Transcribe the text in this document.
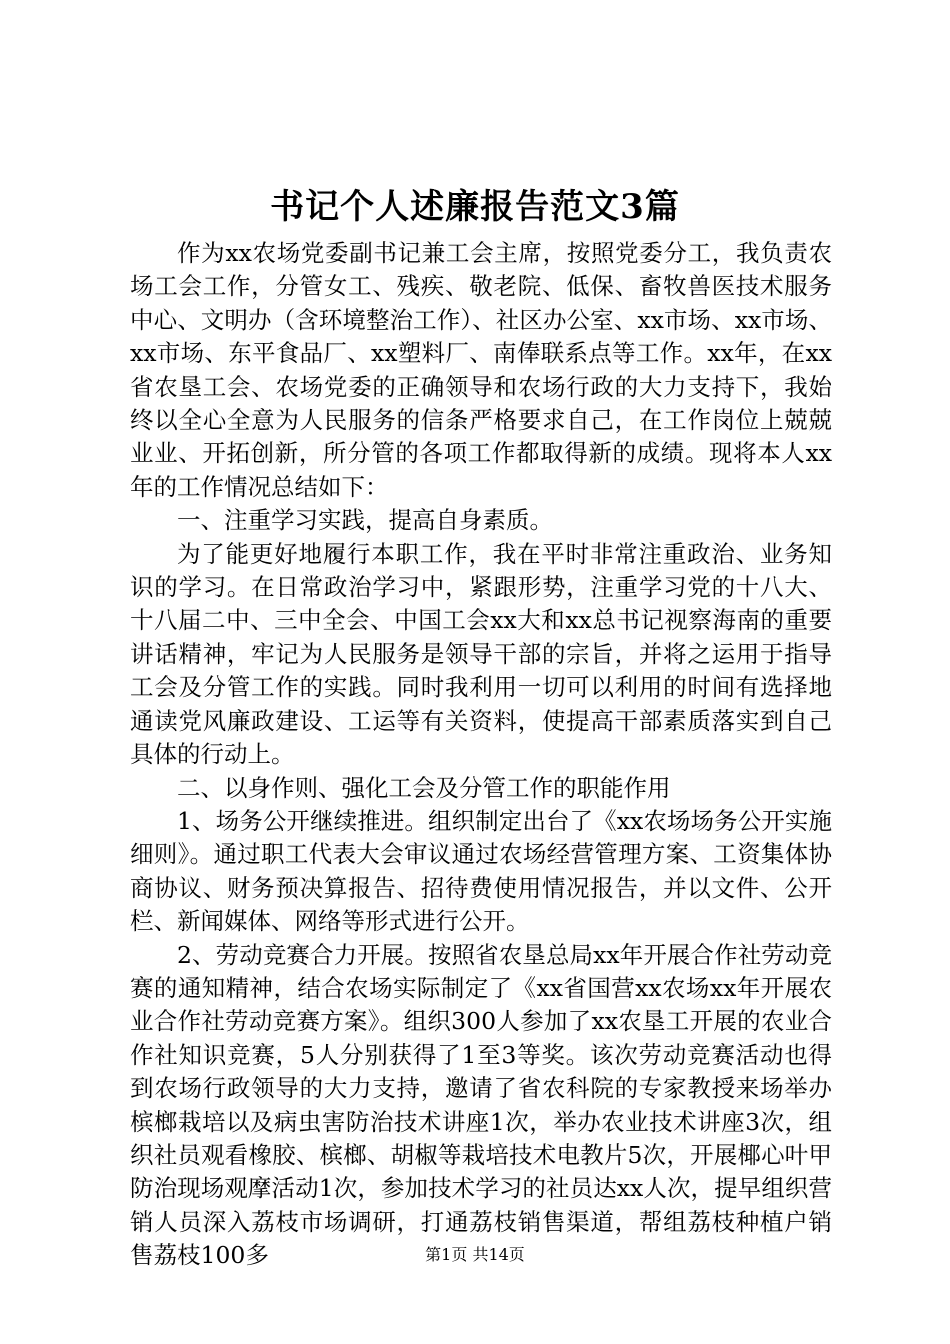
书记个人述廉报告范文3篇

作为xx农场党委副书记兼工会主席，按照党委分工，我负责农场工会工作，分管女工、残疾、敬老院、低保、畜牧兽医技术服务中心、文明办（含环境整治工作）、社区办公室、xx市场、xx市场、xx市场、东平食品厂、xx塑料厂、南俸联系点等工作。xx年，在xx省农垦工会、农场党委的正确领导和农场行政的大力支持下，我始终以全心全意为人民服务的信条严格要求自己，在工作岗位上兢兢业业、开拓创新，所分管的各项工作都取得新的成绩。现将本人xx年的工作情况总结如下：

一、注重学习实践，提高自身素质。

为了能更好地履行本职工作，我在平时非常注重政治、业务知识的学习。在日常政治学习中，紧跟形势，注重学习党的十八大、十八届二中、三中全会、中国工会xx大和xx总书记视察海南的重要讲话精神，牢记为人民服务是领导干部的宗旨，并将之运用于指导工会及分管工作的实践。同时我利用一切可以利用的时间有选择地通读党风廉政建设、工运等有关资料，使提高干部素质落实到自己具体的行动上。

二、以身作则、强化工会及分管工作的职能作用

1、场务公开继续推进。组织制定出台了《xx农场场务公开实施细则》。通过职工代表大会审议通过农场经营管理方案、工资集体协商协议、财务预决算报告、招待费使用情况报告，并以文件、公开栏、新闻媒体、网络等形式进行公开。

2、劳动竞赛合力开展。按照省农垦总局xx年开展合作社劳动竞赛的通知精神，结合农场实际制定了《xx省国营xx农场xx年开展农业合作社劳动竞赛方案》。组织300人参加了xx农垦工开展的农业合作社知识竞赛，5人分别获得了1至3等奖。该次劳动竞赛活动也得到农场行政领导的大力支持，邀请了省农科院的专家教授来场举办槟榔栽培以及病虫害防治技术讲座1次，举办农业技术讲座3次，组织社员观看橡胶、槟榔、胡椒等栽培技术电教片5次，开展椰心叶甲防治现场观摩活动1次，参加技术学习的社员达xx人次，提早组织营销人员深入荔枝市场调研，打通荔枝销售渠道，帮组荔枝种植户销售荔枝100多	第1页 共14页
